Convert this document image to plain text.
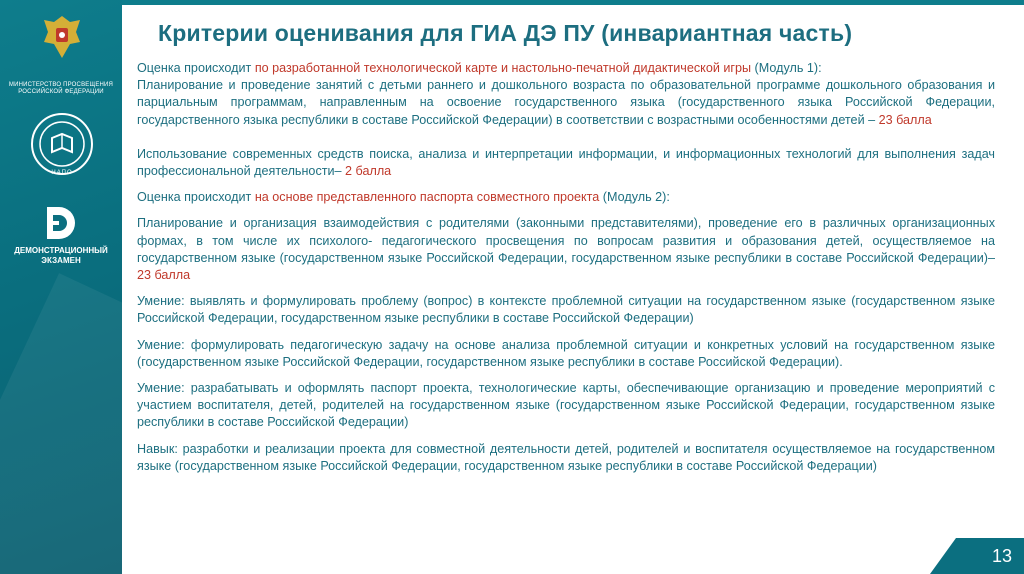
МИНИСТЕРСТВО ПРОСВЕЩЕНИЯ РОССИЙСКОЙ ФЕДЕРАЦИИ
НАПО
ДЕМОНСТРАЦИОННЫЙ ЭКЗАМЕН
Критерии оценивания для ГИА ДЭ ПУ (инвариантная часть)

Оценка происходит по разработанной технологической карте и настольно-печатной дидактической игры (Модуль 1):

Планирование и проведение занятий с детьми раннего и дошкольного возраста по образовательной программе дошкольного образования и парциальным программам, направленным на освоение государственного языка (государственного языка Российской Федерации, государственного языка республики в составе Российской Федерации) в соответствии с возрастными особенностями детей – 23 балла

Использование современных средств поиска, анализа и интерпретации информации, и информационных технологий для выполнения задач профессиональной деятельности– 2 балла

Оценка происходит на основе представленного паспорта совместного проекта (Модуль 2):

Планирование и организация взаимодействия с родителями (законными представителями), проведение его в различных организационных формах, в том числе их психолого- педагогического просвещения по вопросам развития и образования детей, осуществляемое на государственном языке (государственном языке Российской Федерации, государственном языке республики в составе Российской Федерации)– 23 балла

Умение: выявлять и формулировать проблему (вопрос) в контексте проблемной ситуации на государственном языке (государственном языке Российской Федерации, государственном языке республики в составе Российской Федерации)

Умение: формулировать педагогическую задачу на основе анализа проблемной ситуации и конкретных условий на государственном языке (государственном языке Российской Федерации, государственном языке республики в составе Российской Федерации).

Умение: разрабатывать и оформлять паспорт проекта, технологические карты, обеспечивающие организацию и проведение мероприятий с участием воспитателя, детей, родителей на государственном языке (государственном языке Российской Федерации, государственном языке республики в составе Российской Федерации)

Навык: разработки и реализации проекта для совместной деятельности детей, родителей и воспитателя осуществляемое на государственном языке (государственном языке Российской Федерации, государственном языке республики в составе Российской Федерации)

13
